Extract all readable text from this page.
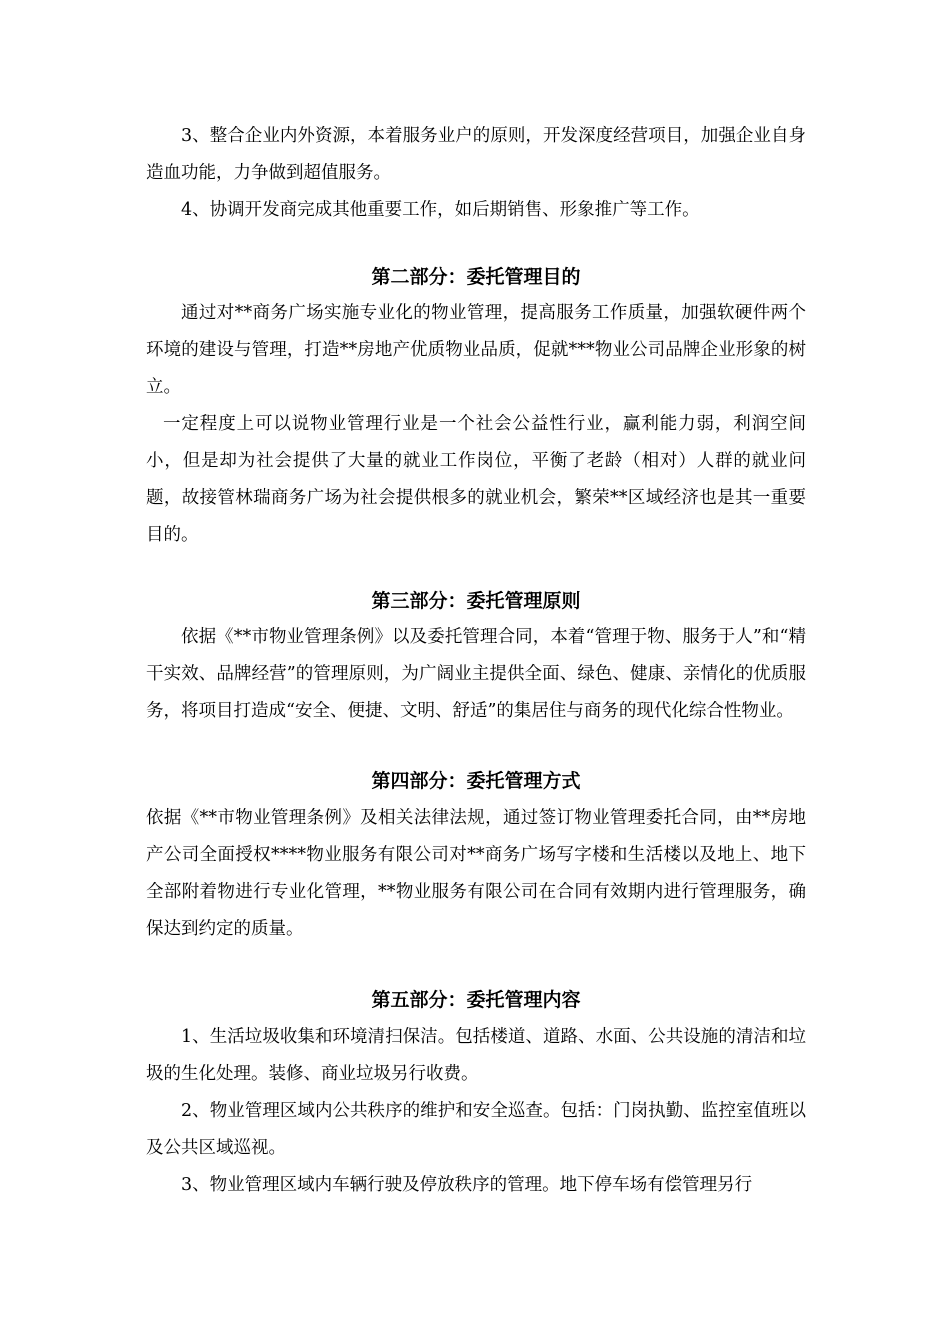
3、整合企业内外资源，本着服务业户的原则，开发深度经营项目，加强企业自身造血功能，力争做到超值服务。

4、协调开发商完成其他重要工作，如后期销售、形象推广等工作。

第二部分：委托管理目的

通过对**商务广场实施专业化的物业管理，提高服务工作质量，加强软硬件两个环境的建设与管理，打造**房地产优质物业品质，促就***物业公司品牌企业形象的树立。

一定程度上可以说物业管理行业是一个社会公益性行业，赢利能力弱，利润空间小，但是却为社会提供了大量的就业工作岗位，平衡了老龄（相对）人群的就业问题，故接管林瑞商务广场为社会提供根多的就业机会，繁荣**区域经济也是其一重要目的。

第三部分：委托管理原则

依据《**市物业管理条例》以及委托管理合同，本着“管理于物、服务于人”和“精干实效、品牌经营”的管理原则，为广阔业主提供全面、绿色、健康、亲情化的优质服务，将项目打造成“安全、便捷、文明、舒适”的集居住与商务的现代化综合性物业。

第四部分：委托管理方式

依据《**市物业管理条例》及相关法律法规，通过签订物业管理委托合同，由**房地产公司全面授权****物业服务有限公司对**商务广场写字楼和生活楼以及地上、地下全部附着物进行专业化管理，**物业服务有限公司在合同有效期内进行管理服务，确保达到约定的质量。

第五部分：委托管理内容

1、生活垃圾收集和环境清扫保洁。包括楼道、道路、水面、公共设施的清洁和垃圾的生化处理。装修、商业垃圾另行收费。

2、物业管理区域内公共秩序的维护和安全巡查。包括：门岗执勤、监控室值班以及公共区域巡视。

3、物业管理区域内车辆行驶及停放秩序的管理。地下停车场有偿管理另行
